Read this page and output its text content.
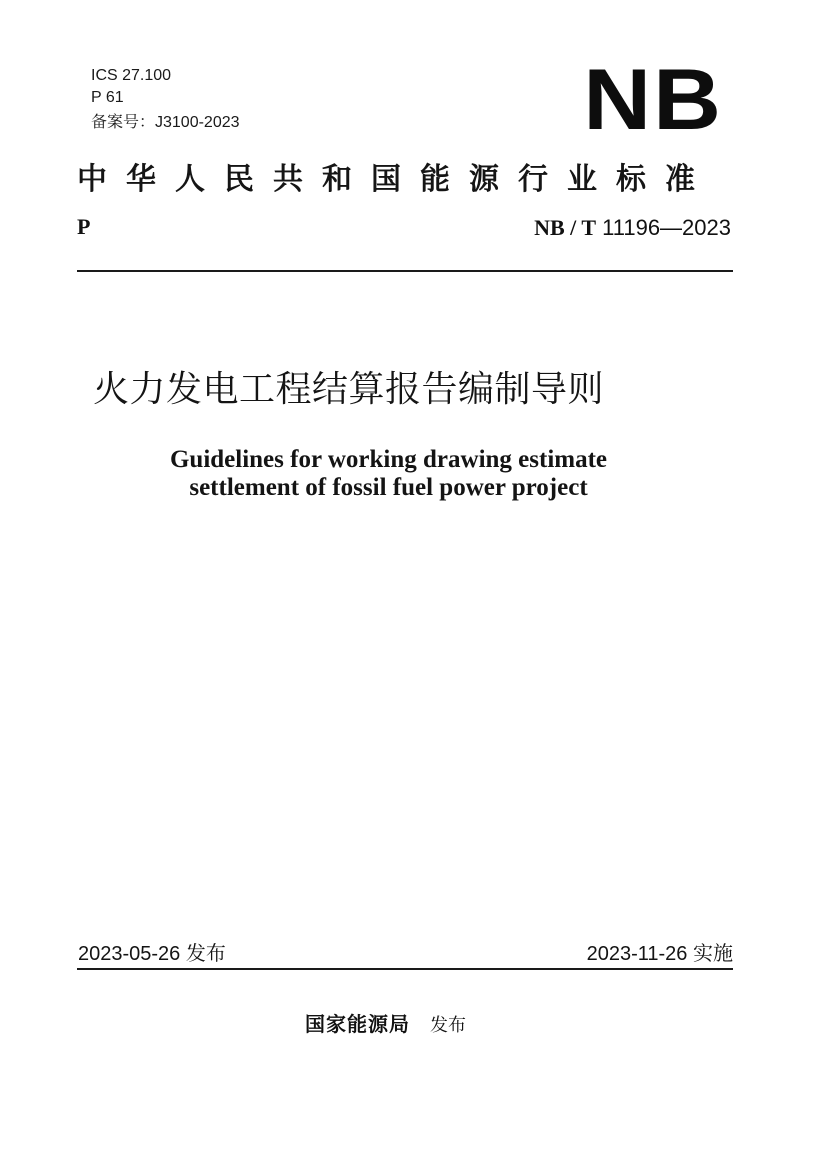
ICS 27.100
P 61
备案号：J3100-2023	NB
中华人民共和国能源行业标准
P	NB / T 11196—2023
火力发电工程结算报告编制导则
Guidelines for working drawing estimate
settlement of fossil fuel power project
2023-05-26 发布	2023-11-26 实施
国家能源局 发布
